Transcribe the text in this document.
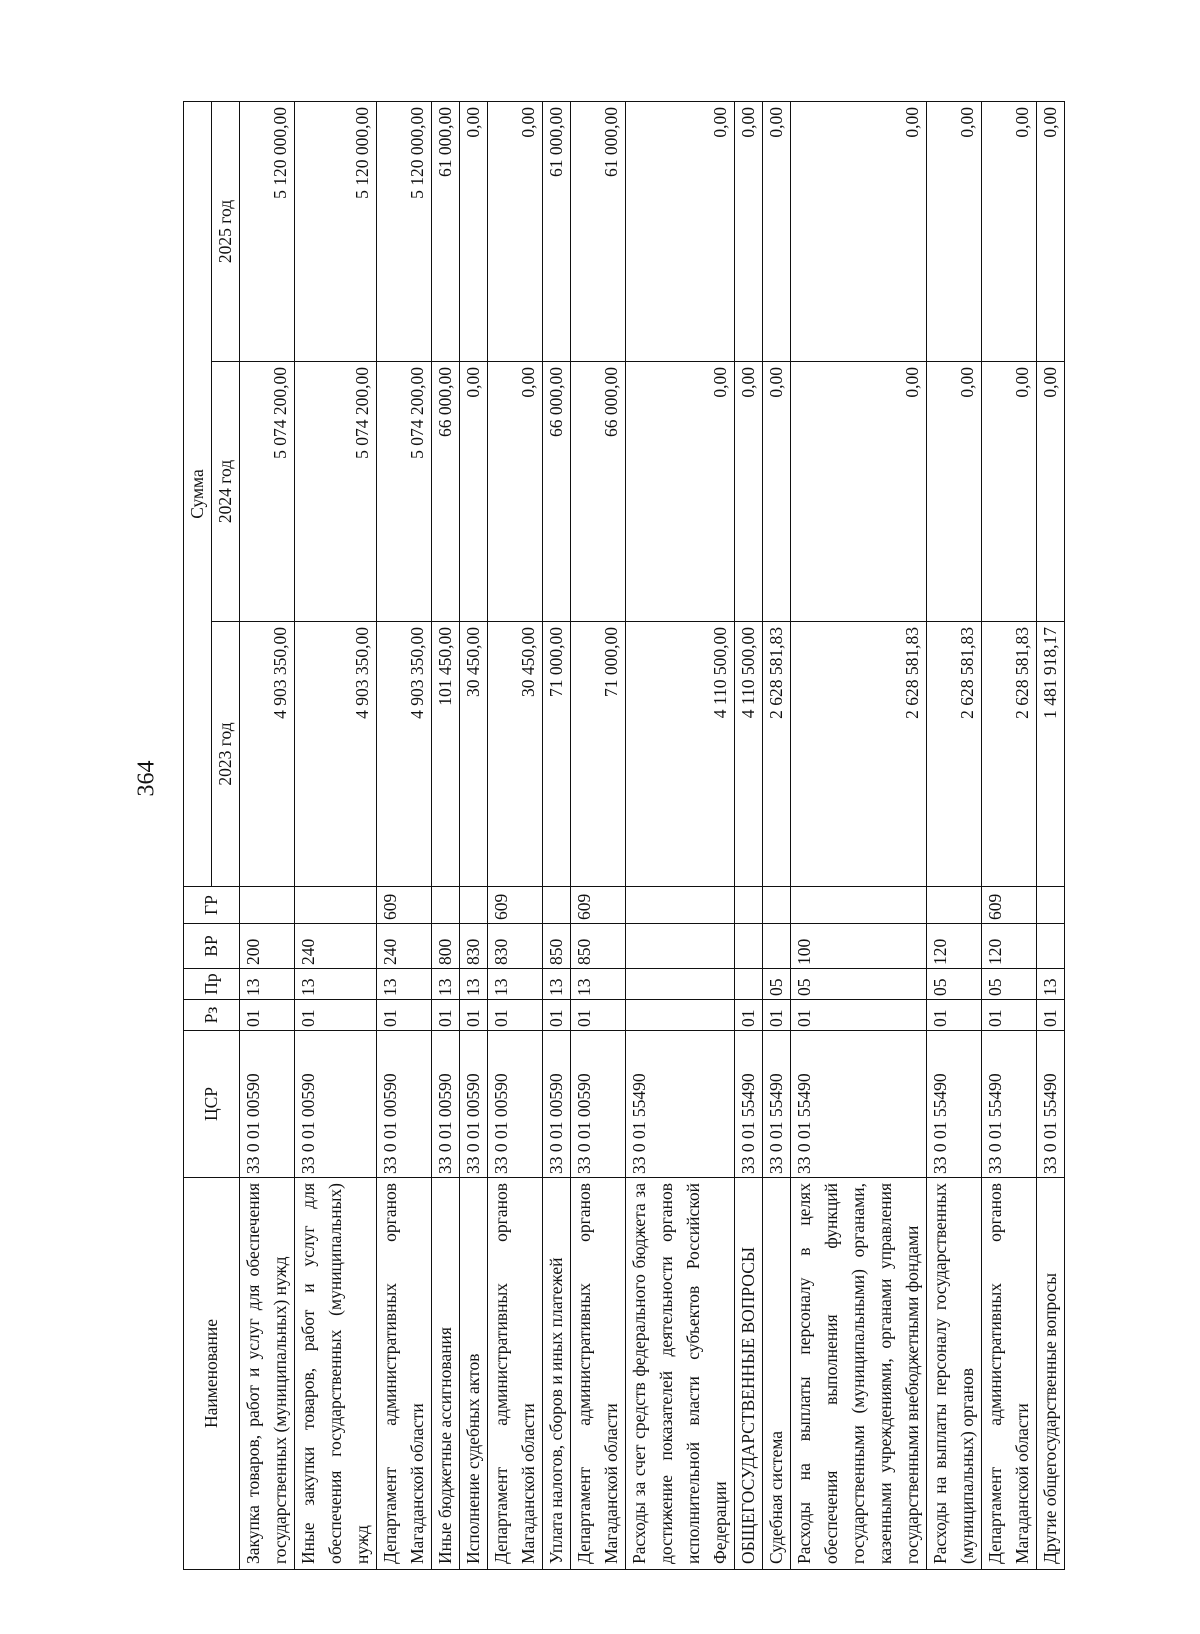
364
Наименование	ЦСР	Рз	Пр	ВР	ГР	Сумма		
						2023 год	2024 год	2025 год
Закупка товаров, работ и услуг для обеспечения государственных (муниципальных) нужд	33 0 01 00590	01	13	200		4 903 350,00	5 074 200,00	5 120 000,00
Иные закупки товаров, работ и услуг для обеспечения государственных (муниципальных) нужд	33 0 01 00590	01	13	240		4 903 350,00	5 074 200,00	5 120 000,00
Департамент административных органов Магаданской области	33 0 01 00590	01	13	240	609	4 903 350,00	5 074 200,00	5 120 000,00
Иные бюджетные ассигнования	33 0 01 00590	01	13	800		101 450,00	66 000,00	61 000,00
Исполнение судебных актов	33 0 01 00590	01	13	830		30 450,00	0,00	0,00
Департамент административных органов Магаданской области	33 0 01 00590	01	13	830	609	30 450,00	0,00	0,00
Уплата налогов, сборов и иных платежей	33 0 01 00590	01	13	850		71 000,00	66 000,00	61 000,00
Департамент административных органов Магаданской области	33 0 01 00590	01	13	850	609	71 000,00	66 000,00	61 000,00
Расходы за счет средств федерального бюджета за достижение показателей деятельности органов исполнительной власти субъектов Российской Федерации	33 0 01 55490					4 110 500,00	0,00	0,00
ОБЩЕГОСУДАРСТВЕННЫЕ ВОПРОСЫ	33 0 01 55490	01				4 110 500,00	0,00	0,00
Судебная система	33 0 01 55490	01	05			2 628 581,83	0,00	0,00
Расходы на выплаты персоналу в целях обеспечения выполнения функций государственными (муниципальными) органами, казенными учреждениями, органами управления государственными внебюджетными фондами	33 0 01 55490	01	05	100		2 628 581,83	0,00	0,00
Расходы на выплаты персоналу государственных (муниципальных) органов	33 0 01 55490	01	05	120		2 628 581,83	0,00	0,00
Департамент административных органов Магаданской области	33 0 01 55490	01	05	120	609	2 628 581,83	0,00	0,00
Другие общегосударственные вопросы	33 0 01 55490	01	13			1 481 918,17	0,00	0,00
